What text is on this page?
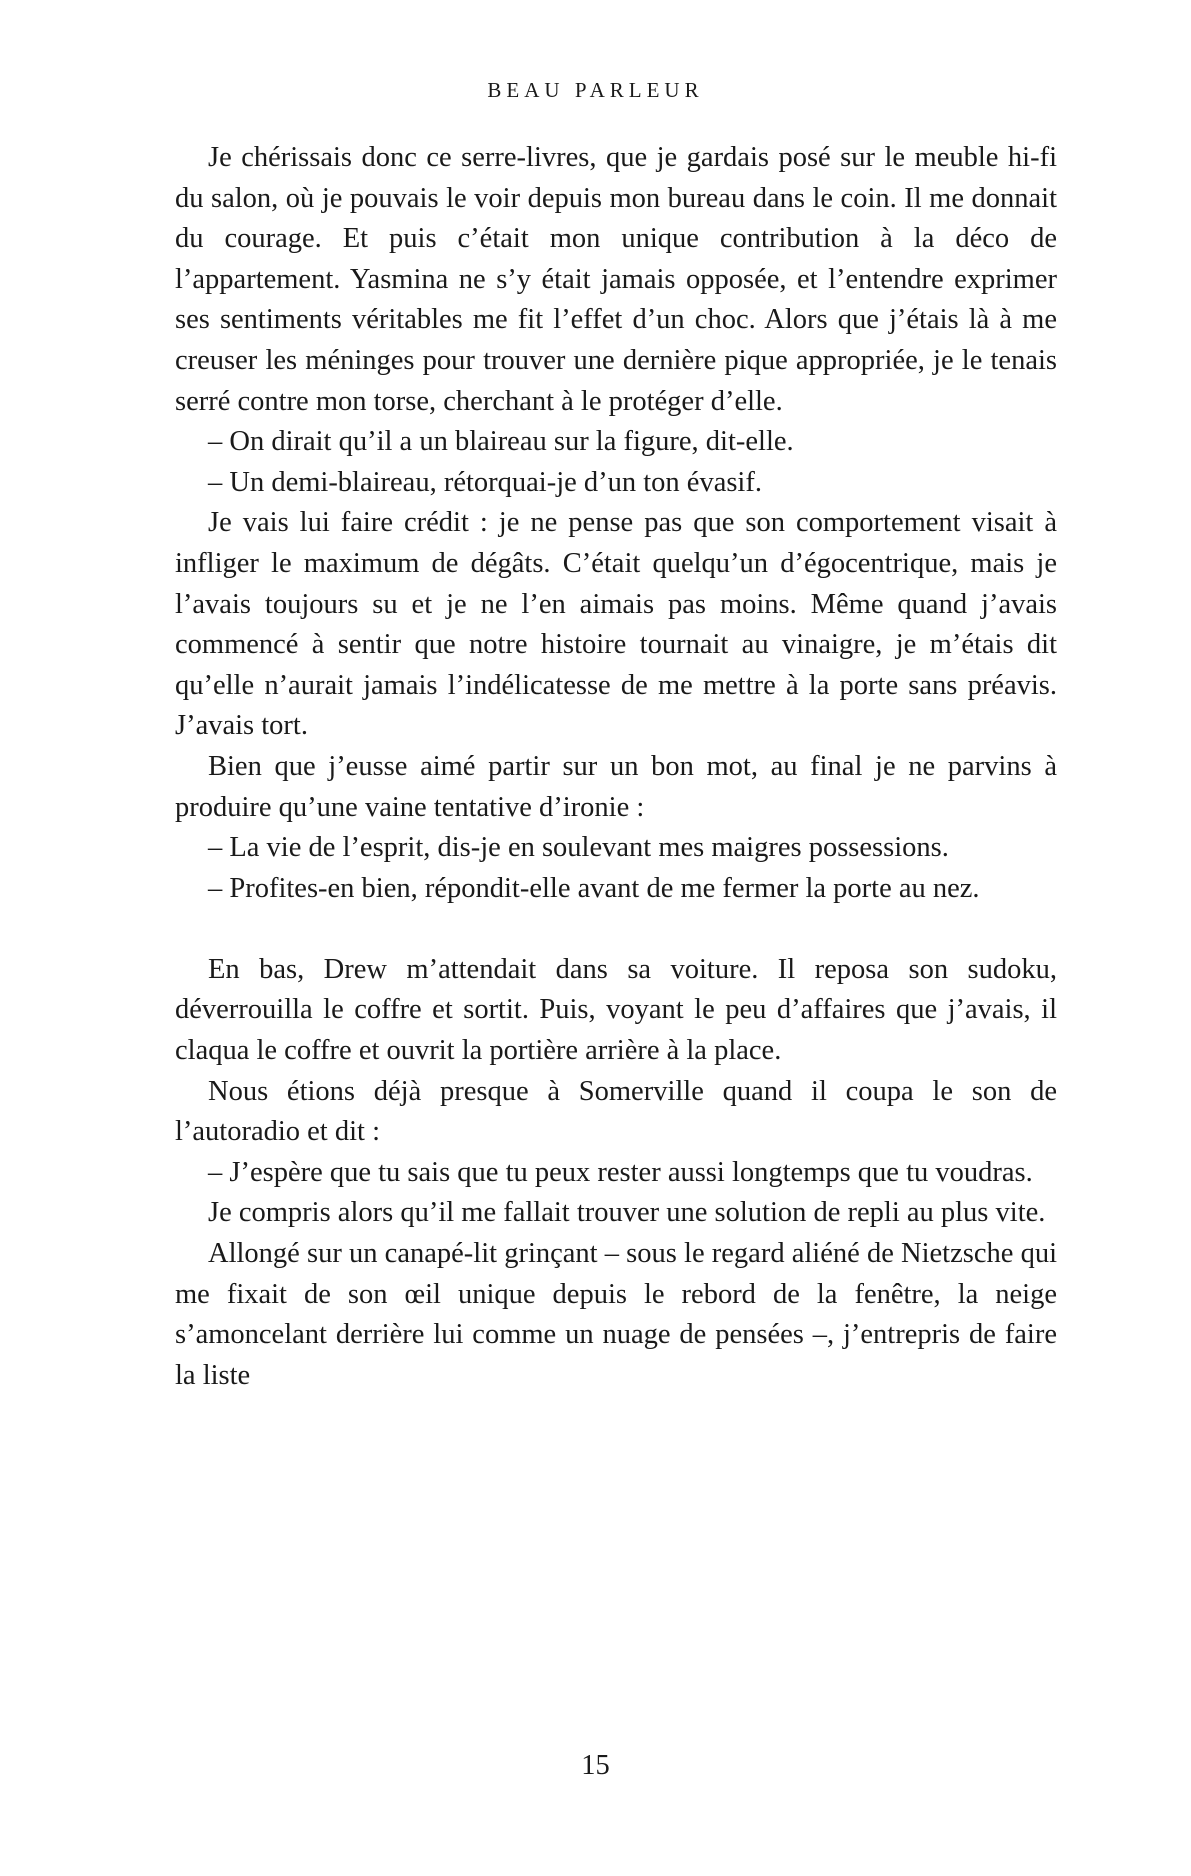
BEAU PARLEUR

Je chérissais donc ce serre-livres, que je gardais posé sur le meuble hi-fi du salon, où je pouvais le voir depuis mon bureau dans le coin. Il me donnait du courage. Et puis c’était mon unique contribution à la déco de l’appartement. Yasmina ne s’y était jamais opposée, et l’entendre exprimer ses sentiments véritables me fit l’effet d’un choc. Alors que j’étais là à me creuser les méninges pour trouver une dernière pique appropriée, je le tenais serré contre mon torse, cherchant à le protéger d’elle.

– On dirait qu’il a un blaireau sur la figure, dit-elle.

– Un demi-blaireau, rétorquai-je d’un ton évasif.

Je vais lui faire crédit : je ne pense pas que son comportement visait à infliger le maximum de dégâts. C’était quelqu’un d’égocentrique, mais je l’avais toujours su et je ne l’en aimais pas moins. Même quand j’avais commencé à sentir que notre histoire tournait au vinaigre, je m’étais dit qu’elle n’aurait jamais l’indélicatesse de me mettre à la porte sans préavis. J’avais tort.

Bien que j’eusse aimé partir sur un bon mot, au final je ne parvins à produire qu’une vaine tentative d’ironie :

– La vie de l’esprit, dis-je en soulevant mes maigres possessions.

– Profites-en bien, répondit-elle avant de me fermer la porte au nez.

En bas, Drew m’attendait dans sa voiture. Il reposa son sudoku, déverrouilla le coffre et sortit. Puis, voyant le peu d’affaires que j’avais, il claqua le coffre et ouvrit la portière arrière à la place.

Nous étions déjà presque à Somerville quand il coupa le son de l’autoradio et dit :

– J’espère que tu sais que tu peux rester aussi longtemps que tu voudras.

Je compris alors qu’il me fallait trouver une solution de repli au plus vite.

Allongé sur un canapé-lit grinçant – sous le regard aliéné de Nietzsche qui me fixait de son œil unique depuis le rebord de la fenêtre, la neige s’amoncelant derrière lui comme un nuage de pensées –, j’entrepris de faire la liste

15
